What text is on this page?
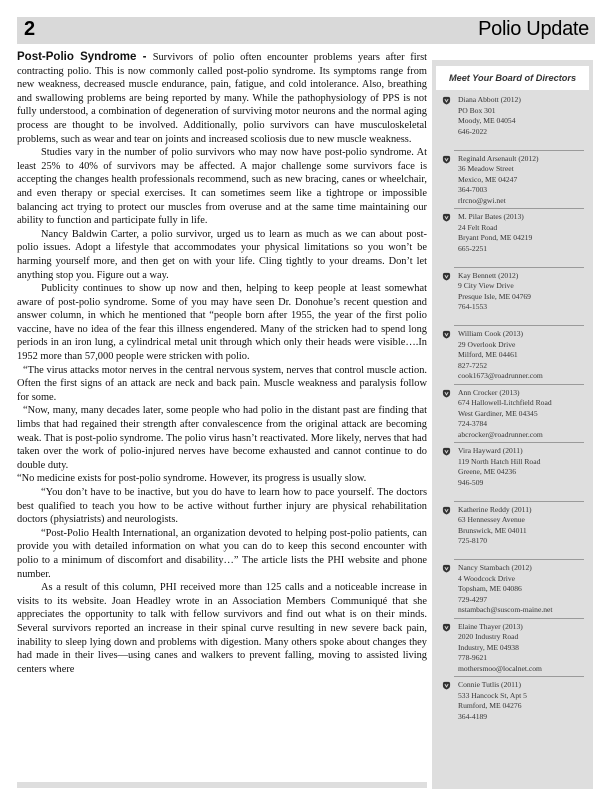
2	Polio Update

Post-Polio Syndrome - Survivors of polio often encounter problems years after first contracting polio. This is now commonly called post-polio syndrome. Its symptoms range from new weakness, decreased muscle endurance, pain, fatigue, and cold intolerance. Also, breathing and swallowing problems are being reported by many. While the pathophysiology of PPS is not fully understood, a combination of degeneration of surviving motor neurons and the normal aging process are thought to be involved. Additionally, polio survivors can have musculoskeletal problems, such as wear and tear on joints and increased scoliosis due to new muscle weakness.

Studies vary in the number of polio survivors who may now have post-polio syndrome. At least 25% to 40% of survivors may be affected. A major challenge some survivors face is accepting the changes health professionals recommend, such as new bracing, canes or wheelchair, and even therapy or special exercises. It can sometimes seem like a tightrope or impossible balancing act trying to protect our muscles from overuse and at the same time maintaining our ability to function and participate fully in life.

Nancy Baldwin Carter, a polio survivor, urged us to learn as much as we can about post-polio issues. Adopt a lifestyle that accommodates your physical limitations so you won’t be harming yourself more, and then get on with your life. Cling tightly to your dreams. Don’t let anything stop you. Figure out a way.

Publicity continues to show up now and then, helping to keep people at least somewhat aware of post-polio syndrome. Some of you may have seen Dr. Donohue’s recent question and answer column, in which he mentioned that “people born after 1955, the year of the first polio vaccine, have no idea of the fear this illness engendered. Many of the stricken had to spend long periods in an iron lung, a cylindrical metal unit through which only their heads were visible….In 1952 more than 57,000 people were stricken with polio.

“The virus attacks motor nerves in the central nervous system, nerves that control muscle action. Often the first signs of an attack are neck and back pain. Muscle weakness and paralysis follow for some.

“Now, many, many decades later, some people who had polio in the distant past are finding that limbs that had regained their strength after convalescence from the original attack are becoming weak. That is post-polio syndrome. The polio virus hasn’t reactivated. More likely, nerves that had taken over the work of polio-injured nerves have become exhausted and cannot continue to do double duty.

“No medicine exists for post-polio syndrome. However, its progress is usually slow.

“You don’t have to be inactive, but you do have to learn how to pace yourself. The doctors best qualified to teach you how to be active without further injury are physical rehabilitation doctors (physiatrists) and neurologists.

“Post-Polio Health International, an organization devoted to helping post-polio patients, can provide you with detailed information on what you can do to keep this second encounter with polio to a minimum of discomfort and disability…” The article lists the PHI website and phone number.

As a result of this column, PHI received more than 125 calls and a noticeable increase in visits to its website. Joan Headley wrote in an Association Members Communiqué that she appreciates the opportunity to talk with fellow survivors and find out what is on their minds. Several survivors reported an increase in their spinal curve resulting in new severe back pain, inability to sleep lying down and problems with digestion. Many others spoke about changes they had made in their lives—using canes and walkers to prevent falling, moving to assisted living centers where

Meet Your Board of Directors
Diana Abbott (2012)
PO Box 301
Moody, ME 04054
646-2022
Reginald Arsenault (2012)
36 Meadow Street
Mexico, ME 04247
364-7003
rlrcno@gwi.net
M. Pilar Bates (2013)
24 Felt Road
Bryant Pond, ME 04219
665-2251
Kay Bennett (2012)
9 City View Drive
Presque Isle, ME 04769
764-1553
William Cook (2013)
29 Overlook Drive
Milford, ME 04461
827-7252
cook1673@roadrunner.com
Ann Crocker (2013)
674 Hallowell-Litchfield Road
West Gardiner, ME 04345
724-3784
abcrocker@roadrunner.com
Vira Hayward (2011)
119 North Hatch Hill Road
Greene, ME 04236
946-509
Katherine Reddy (2011)
63 Hennessey Avenue
Brunswick, ME 04011
725-8170
Nancy Stambach (2012)
4 Woodcock Drive
Topsham, ME 04086
729-4297
nstambach@suscom-maine.net
Elaine Thayer (2013)
2020 Industry Road
Industry, ME 04938
778-9621
mothersmoo@localnet.com
Connie Tutlis (2011)
533 Hancock St, Apt 5
Rumford, ME 04276
364-4189
